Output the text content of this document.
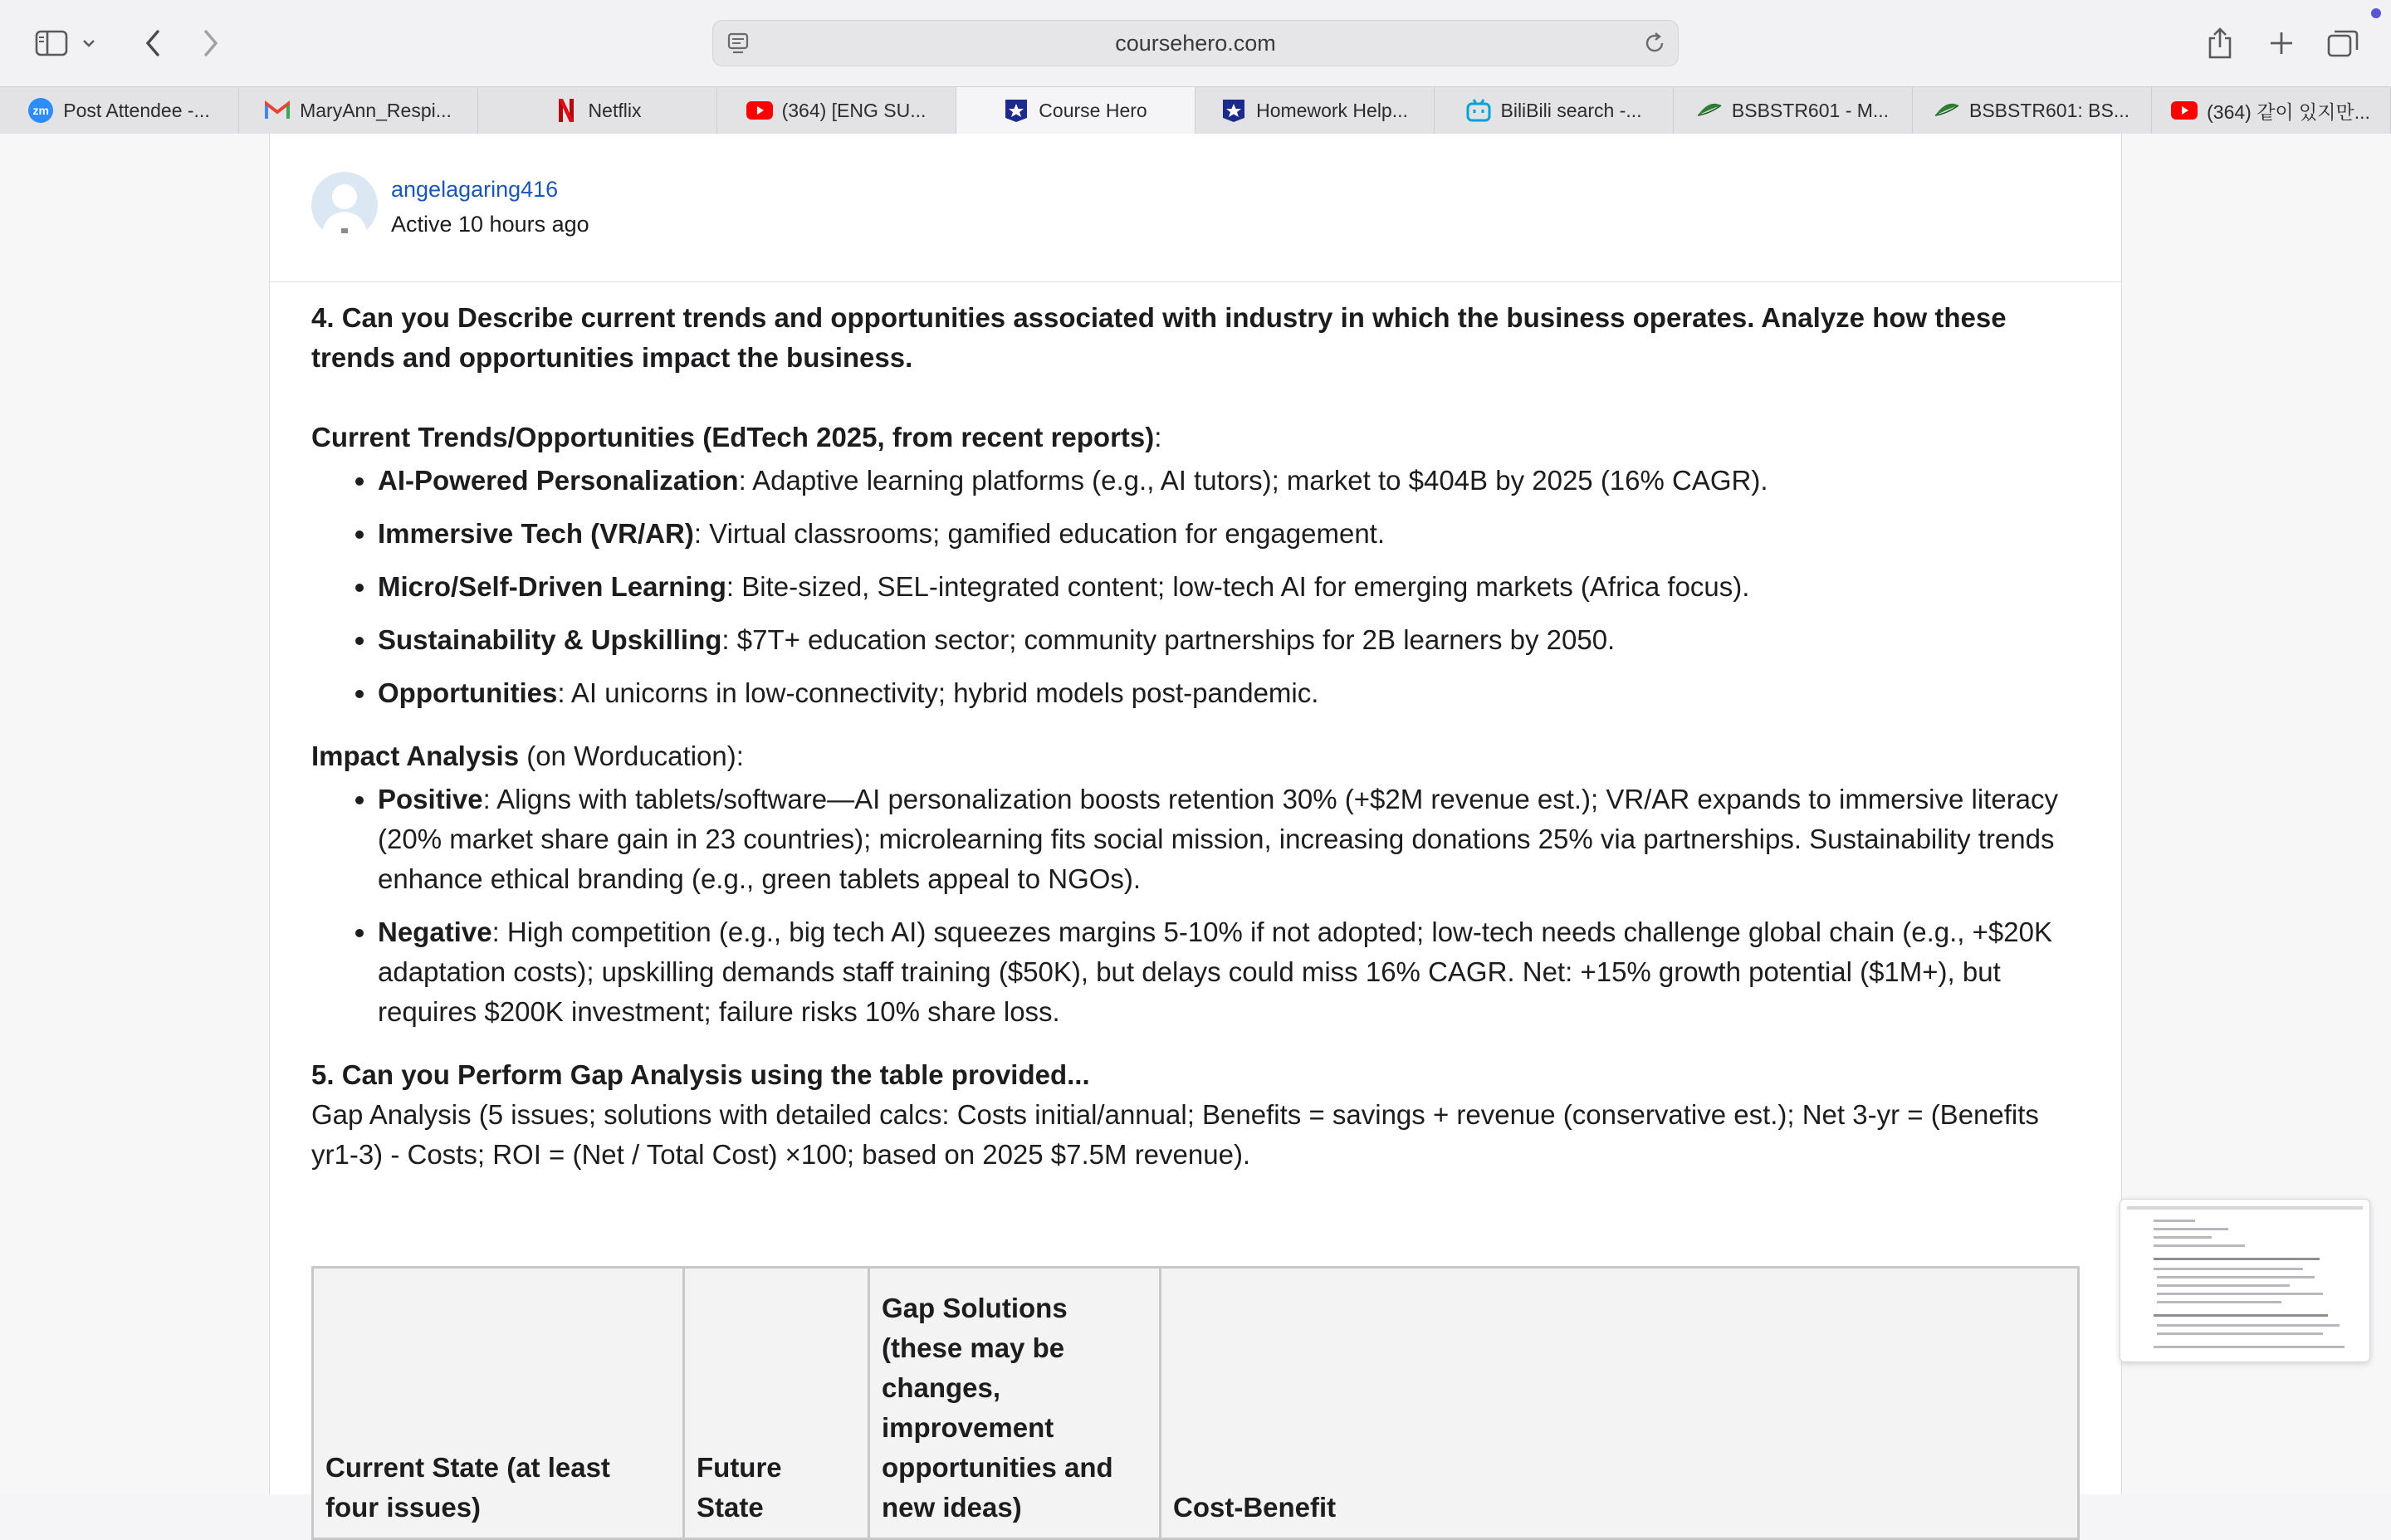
coursehero.com
zm Post Attendee -...	MaryAnn_Respi...	Netflix	(364) [ENG SU...	Course Hero	Homework Help...	BiliBili search -...	BSBSTR601 - M...	BSBSTR601: BS...	(364) 같이 있지만...
angelagaring416
Active 10 hours ago

4. Can you Describe current trends and opportunities associated with industry in which the business operates. Analyze how these trends and opportunities impact the business.

Current Trends/Opportunities (EdTech 2025, from recent reports):

• AI-Powered Personalization: Adaptive learning platforms (e.g., AI tutors); market to $404B by 2025 (16% CAGR).
• Immersive Tech (VR/AR): Virtual classrooms; gamified education for engagement.
• Micro/Self-Driven Learning: Bite-sized, SEL-integrated content; low-tech AI for emerging markets (Africa focus).
• Sustainability & Upskilling: $7T+ education sector; community partnerships for 2B learners by 2050.
• Opportunities: AI unicorns in low-connectivity; hybrid models post-pandemic.

Impact Analysis (on Worducation):

• Positive: Aligns with tablets/software—AI personalization boosts retention 30% (+$2M revenue est.); VR/AR expands to immersive literacy (20% market share gain in 23 countries); microlearning fits social mission, increasing donations 25% via partnerships. Sustainability trends enhance ethical branding (e.g., green tablets appeal to NGOs).
• Negative: High competition (e.g., big tech AI) squeezes margins 5-10% if not adopted; low-tech needs challenge global chain (e.g., +$20K adaptation costs); upskilling demands staff training ($50K), but delays could miss 16% CAGR. Net: +15% growth potential ($1M+), but requires $200K investment; failure risks 10% share loss.

5. Can you Perform Gap Analysis using the table provided...

Gap Analysis (5 issues; solutions with detailed calcs: Costs initial/annual; Benefits = savings + revenue (conservative est.); Net 3-yr = (Benefits yr1-3) - Costs; ROI = (Net / Total Cost) ×100; based on 2025 $7.5M revenue).

Current State (at least four issues)	Future State	Gap Solutions (these may be changes, improvement opportunities and new ideas)	Cost-Benefit
